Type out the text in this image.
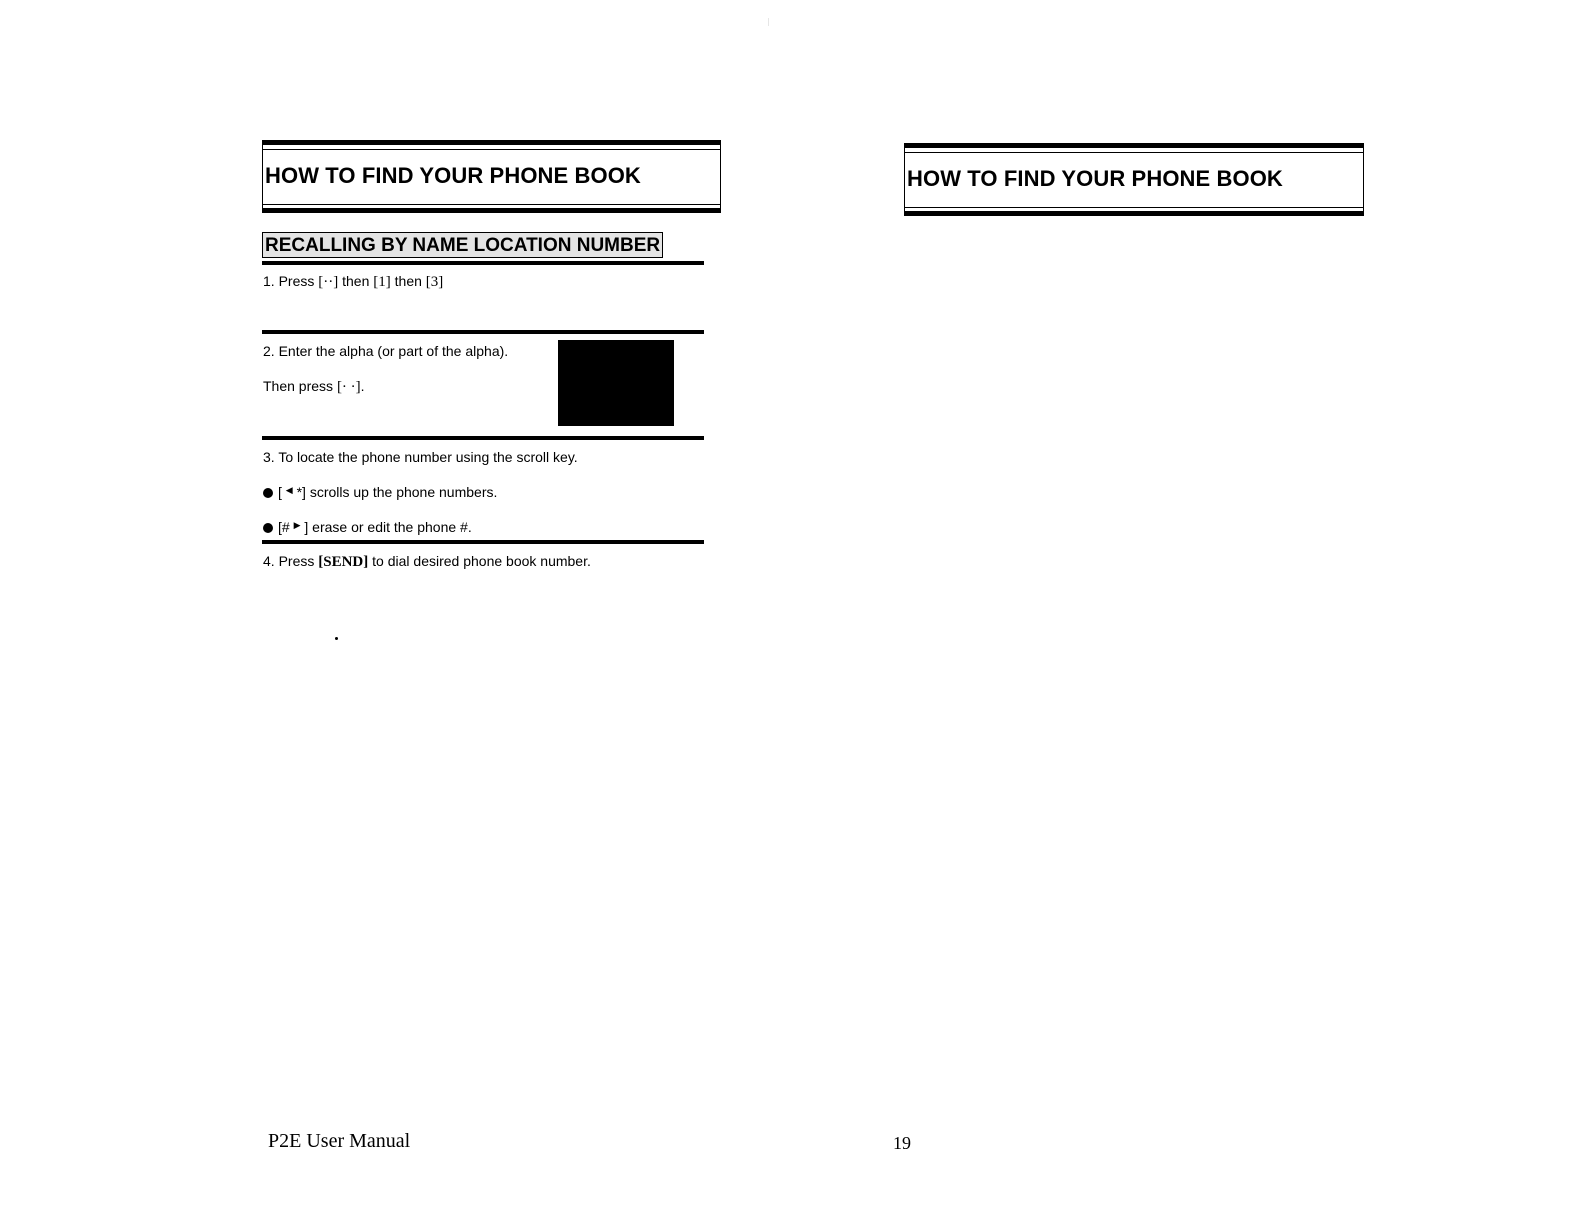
HOW TO FIND YOUR PHONE BOOK	HOW TO FIND YOUR PHONE BOOK
RECALLING BY NAME LOCATION NUMBER
1. Press [··] then [1] then [3]
2. Enter the alpha (or part of the alpha).
Then press [· ·].
3. To locate the phone number using the scroll key.
[ ◀ *] scrolls up the phone numbers.
[# ▶ ] erase or edit the phone #.
4. Press [SEND] to dial desired phone book number.
P2E User Manual	19
